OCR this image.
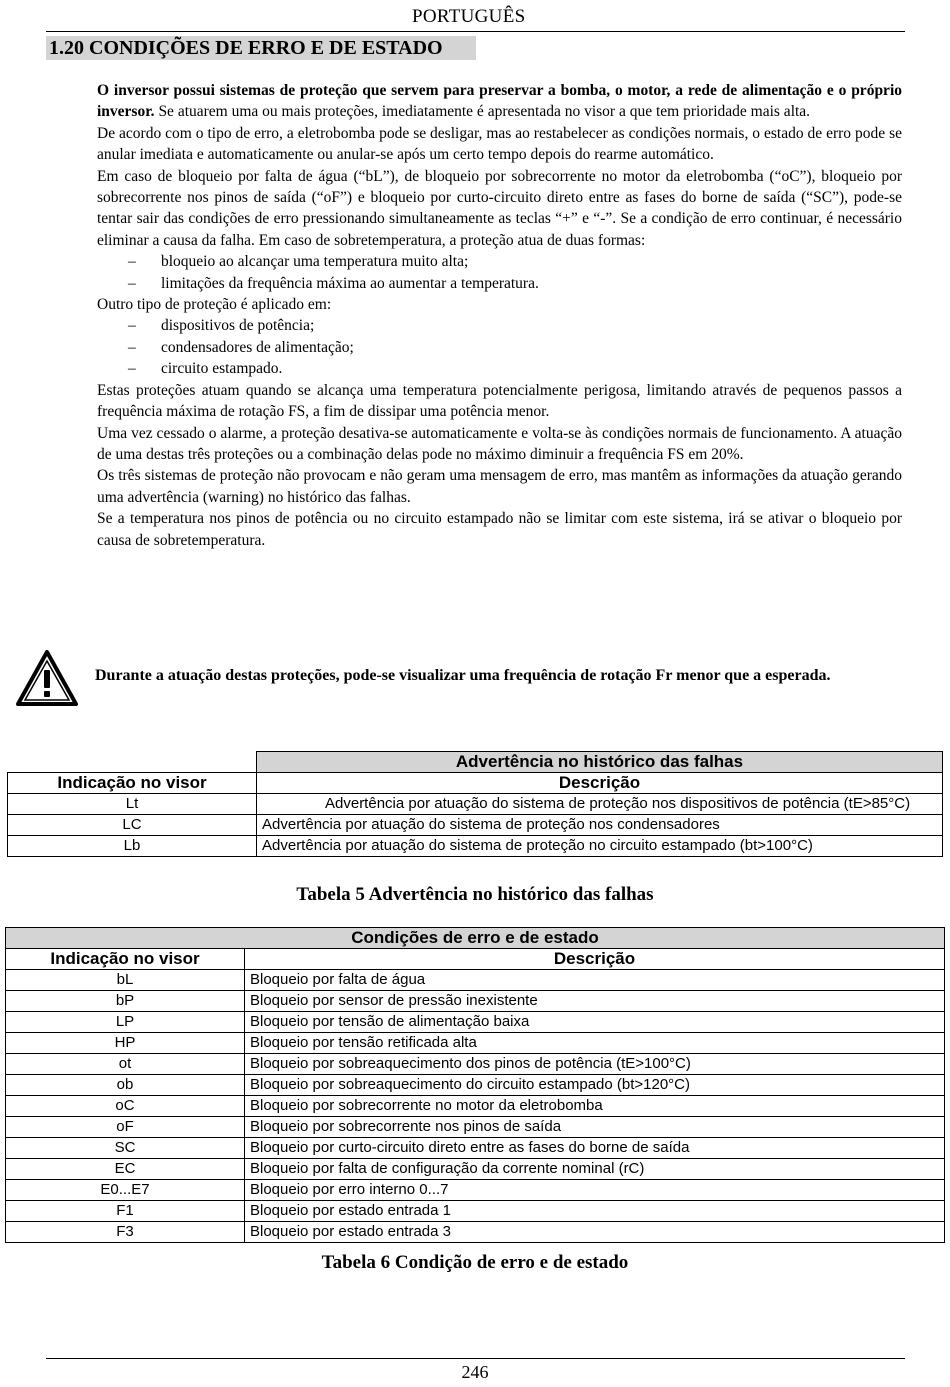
PORTUGUÊS
1.20 CONDIÇÕES DE ERRO E DE ESTADO

O inversor possui sistemas de proteção que servem para preservar a bomba, o motor, a rede de alimentação e o próprio inversor. Se atuarem uma ou mais proteções, imediatamente é apresentada no visor a que tem prioridade mais alta.

De acordo com o tipo de erro, a eletrobomba pode se desligar, mas ao restabelecer as condições normais, o estado de erro pode se anular imediata e automaticamente ou anular-se após um certo tempo depois do rearme automático.

Em caso de bloqueio por falta de água (“bL”), de bloqueio por sobrecorrente no motor da eletrobomba (“oC”), bloqueio por sobrecorrente nos pinos de saída (“oF”) e bloqueio por curto-circuito direto entre as fases do borne de saída (“SC”), pode-se tentar sair das condições de erro pressionando simultaneamente as teclas “+” e “-”. Se a condição de erro continuar, é necessário eliminar a causa da falha. Em caso de sobretemperatura, a proteção atua de duas formas:

– bloqueio ao alcançar uma temperatura muito alta;
– limitações da frequência máxima ao aumentar a temperatura.

Outro tipo de proteção é aplicado em:

– dispositivos de potência;
– condensadores de alimentação;
– circuito estampado.

Estas proteções atuam quando se alcança uma temperatura potencialmente perigosa, limitando através de pequenos passos a frequência máxima de rotação FS, a fim de dissipar uma potência menor.

Uma vez cessado o alarme, a proteção desativa-se automaticamente e volta-se às condições normais de funcionamento. A atuação de uma destas três proteções ou a combinação delas pode no máximo diminuir a frequência FS em 20%.

Os três sistemas de proteção não provocam e não geram uma mensagem de erro, mas mantêm as informações da atuação gerando uma advertência (warning) no histórico das falhas.

Se a temperatura nos pinos de potência ou no circuito estampado não se limitar com este sistema, irá se ativar o bloqueio por causa de sobretemperatura.

Durante a atuação destas proteções, pode-se visualizar uma frequência de rotação Fr menor que a esperada.
	Advertência no histórico das falhas
Indicação no visor	Descrição
Lt	Advertência por atuação do sistema de proteção nos dispositivos de potência (tE>85°C)
LC	Advertência por atuação do sistema de proteção nos condensadores
Lb	Advertência por atuação do sistema de proteção no circuito estampado (bt>100°C)
Tabela 5 Advertência no histórico das falhas
Condições de erro e de estado	
Indicação no visor	Descrição
bL	Bloqueio por falta de água
bP	Bloqueio por sensor de pressão inexistente
LP	Bloqueio por tensão de alimentação baixa
HP	Bloqueio por tensão retificada alta
ot	Bloqueio por sobreaquecimento dos pinos de potência (tE>100°C)
ob	Bloqueio por sobreaquecimento do circuito estampado (bt>120°C)
oC	Bloqueio por sobrecorrente no motor da eletrobomba
oF	Bloqueio por sobrecorrente nos pinos de saída
SC	Bloqueio por curto-circuito direto entre as fases do borne de saída
EC	Bloqueio por falta de configuração da corrente nominal (rC)
E0...E7	Bloqueio por erro interno 0...7
F1	Bloqueio por estado entrada 1
F3	Bloqueio por estado entrada 3
Tabela 6 Condição de erro e de estado
246
